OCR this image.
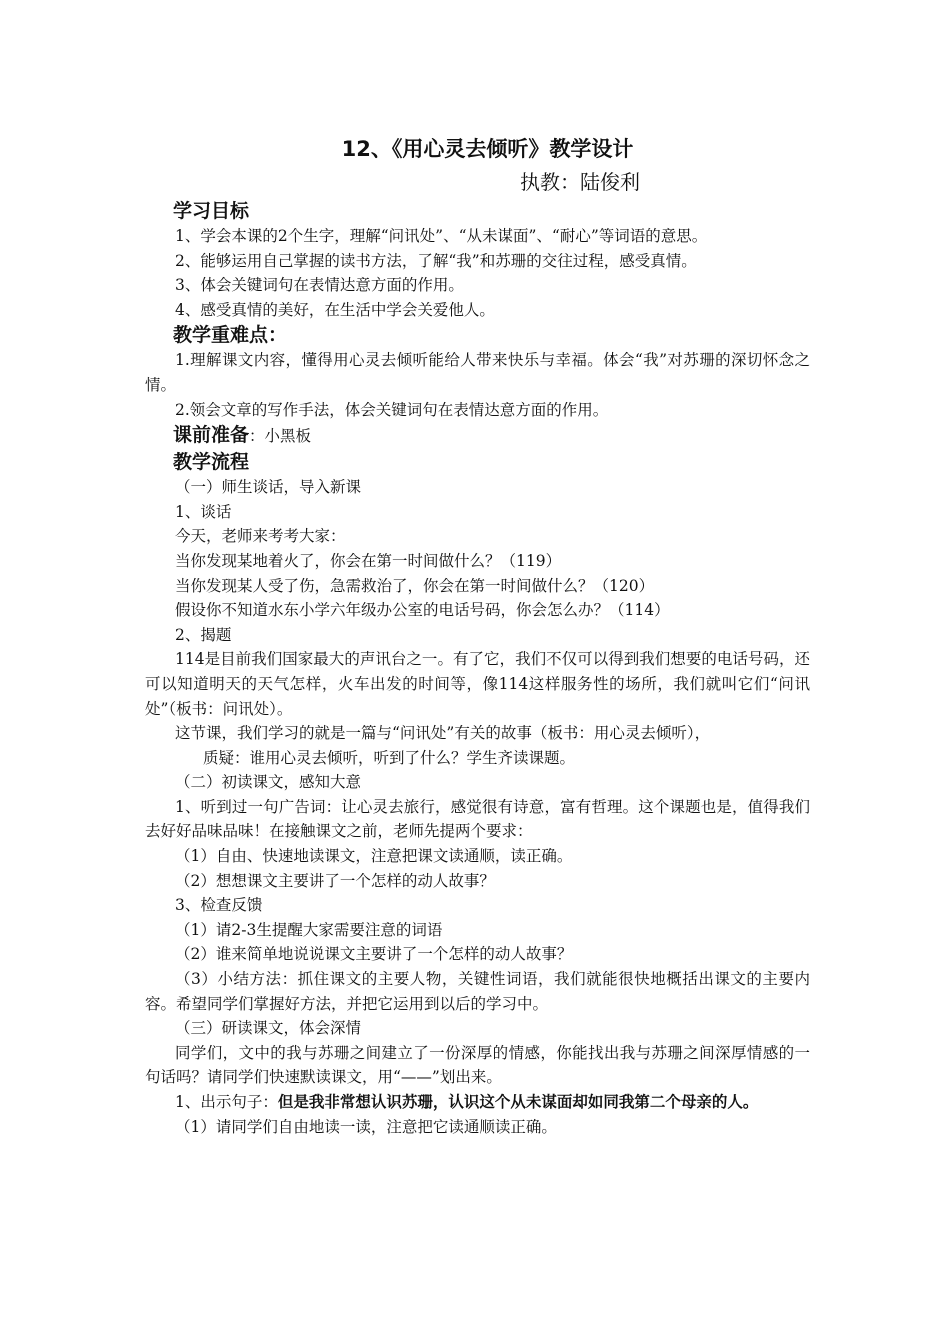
12、《用心灵去倾听》教学设计
执教：陆俊利
学习目标

1、学会本课的2个生字，理解“问讯处”、“从未谋面”、“耐心”等词语的意思。

2、能够运用自己掌握的读书方法，了解“我”和苏珊的交往过程，感受真情。

3、体会关键词句在表情达意方面的作用。

4、感受真情的美好，在生活中学会关爱他人。

教学重难点：

1.理解课文内容，懂得用心灵去倾听能给人带来快乐与幸福。体会“我”对苏珊的深切怀念之情。

2.领会文章的写作手法，体会关键词句在表情达意方面的作用。

课前准备：小黑板
教学流程

（一）师生谈话，导入新课

1、谈话

今天，老师来考考大家：

当你发现某地着火了，你会在第一时间做什么？（119）

当你发现某人受了伤，急需救治了，你会在第一时间做什么？（120）

假设你不知道水东小学六年级办公室的电话号码，你会怎么办？（114）

2、揭题

114是目前我们国家最大的声讯台之一。有了它，我们不仅可以得到我们想要的电话号码，还可以知道明天的天气怎样，火车出发的时间等，像114这样服务性的场所，我们就叫它们“问讯处”（板书：问讯处）。

这节课，我们学习的就是一篇与“问讯处”有关的故事（板书：用心灵去倾听），

质疑：谁用心灵去倾听，听到了什么？学生齐读课题。

（二）初读课文，感知大意

1、听到过一句广告词：让心灵去旅行，感觉很有诗意，富有哲理。这个课题也是，值得我们去好好品味品味！在接触课文之前，老师先提两个要求：

（1）自由、快速地读课文，注意把课文读通顺，读正确。

（2）想想课文主要讲了一个怎样的动人故事？

3、检查反馈

（1）请2-3生提醒大家需要注意的词语

（2）谁来简单地说说课文主要讲了一个怎样的动人故事？

（3）小结方法：抓住课文的主要人物，关键性词语，我们就能很快地概括出课文的主要内容。希望同学们掌握好方法，并把它运用到以后的学习中。

（三）研读课文，体会深情

同学们，文中的我与苏珊之间建立了一份深厚的情感，你能找出我与苏珊之间深厚情感的一句话吗？请同学们快速默读课文，用“——”划出来。

1、出示句子：但是我非常想认识苏珊，认识这个从未谋面却如同我第二个母亲的人。

（1）请同学们自由地读一读，注意把它读通顺读正确。
